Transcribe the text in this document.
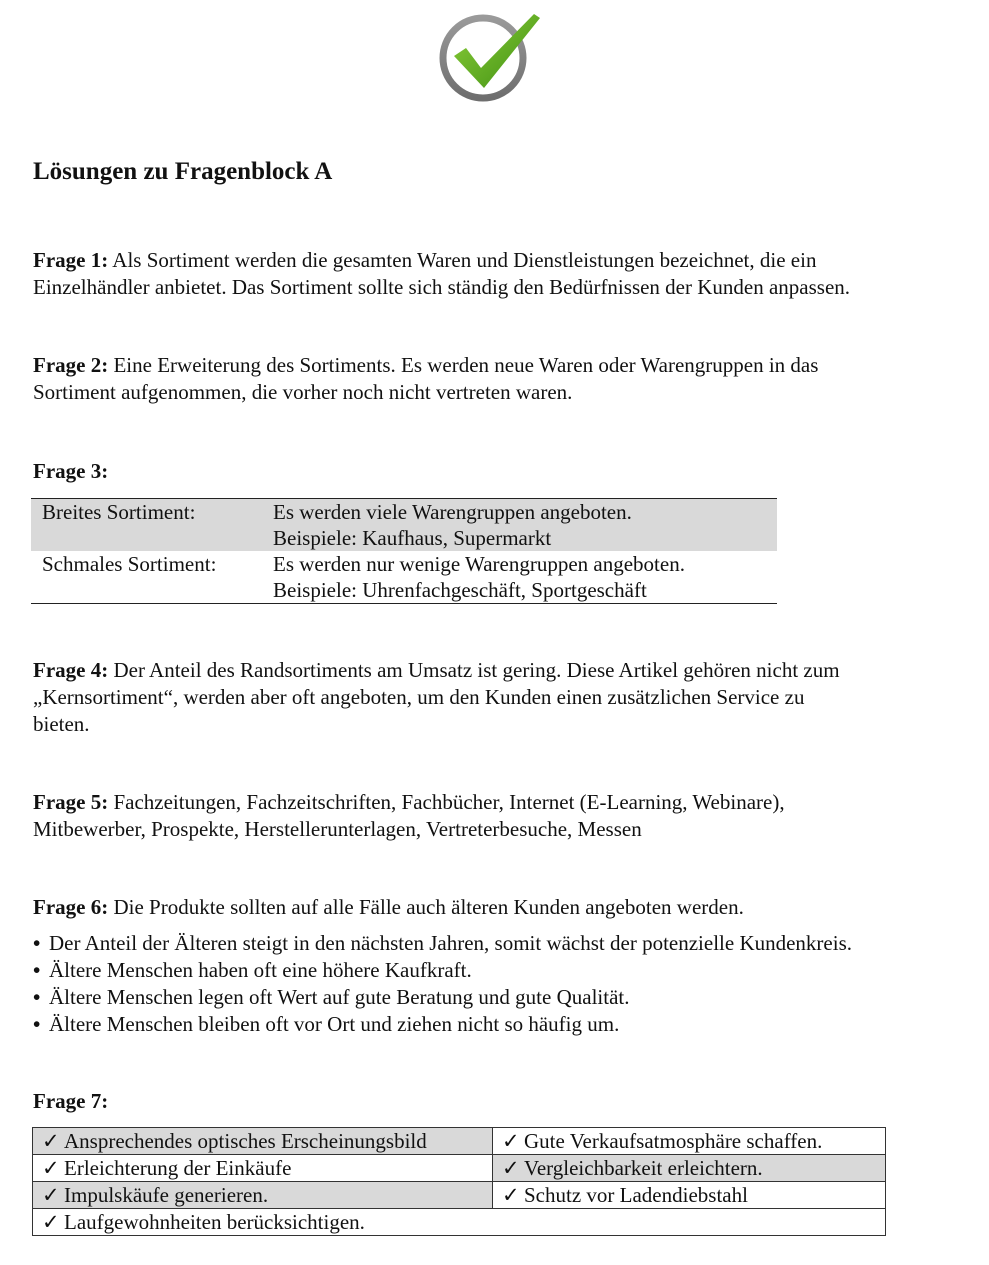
Lösungen zu Fragenblock A
Frage 1: Als Sortiment werden die gesamten Waren und Dienstleistungen bezeichnet, die ein
Einzelhändler anbietet. Das Sortiment sollte sich ständig den Bedürfnissen der Kunden anpassen.
Frage 2: Eine Erweiterung des Sortiments. Es werden neue Waren oder Warengruppen in das
Sortiment aufgenommen, die vorher noch nicht vertreten waren.
Frage 3:
Breites Sortiment:	Es werden viele Warengruppen angeboten.
Beispiele: Kaufhaus, Supermarkt
Schmales Sortiment:	Es werden nur wenige Warengruppen angeboten.
Beispiele: Uhrenfachgeschäft, Sportgeschäft
Frage 4: Der Anteil des Randsortiments am Umsatz ist gering. Diese Artikel gehören nicht zum
„Kernsortiment“, werden aber oft angeboten, um den Kunden einen zusätzlichen Service zu
bieten.
Frage 5: Fachzeitungen, Fachzeitschriften, Fachbücher, Internet (E-Learning, Webinare),
Mitbewerber, Prospekte, Herstellerunterlagen, Vertreterbesuche, Messen
Frage 6: Die Produkte sollten auf alle Fälle auch älteren Kunden angeboten werden.
• Der Anteil der Älteren steigt in den nächsten Jahren, somit wächst der potenzielle Kundenkreis.
• Ältere Menschen haben oft eine höhere Kaufkraft.
• Ältere Menschen legen oft Wert auf gute Beratung und gute Qualität.
• Ältere Menschen bleiben oft vor Ort und ziehen nicht so häufig um.
Frage 7:
✓ Ansprechendes optisches Erscheinungsbild	✓ Gute Verkaufsatmosphäre schaffen.
✓ Erleichterung der Einkäufe	✓ Vergleichbarkeit erleichtern.
✓ Impulskäufe generieren.	✓ Schutz vor Ladendiebstahl
✓ Laufgewohnheiten berücksichtigen.	
